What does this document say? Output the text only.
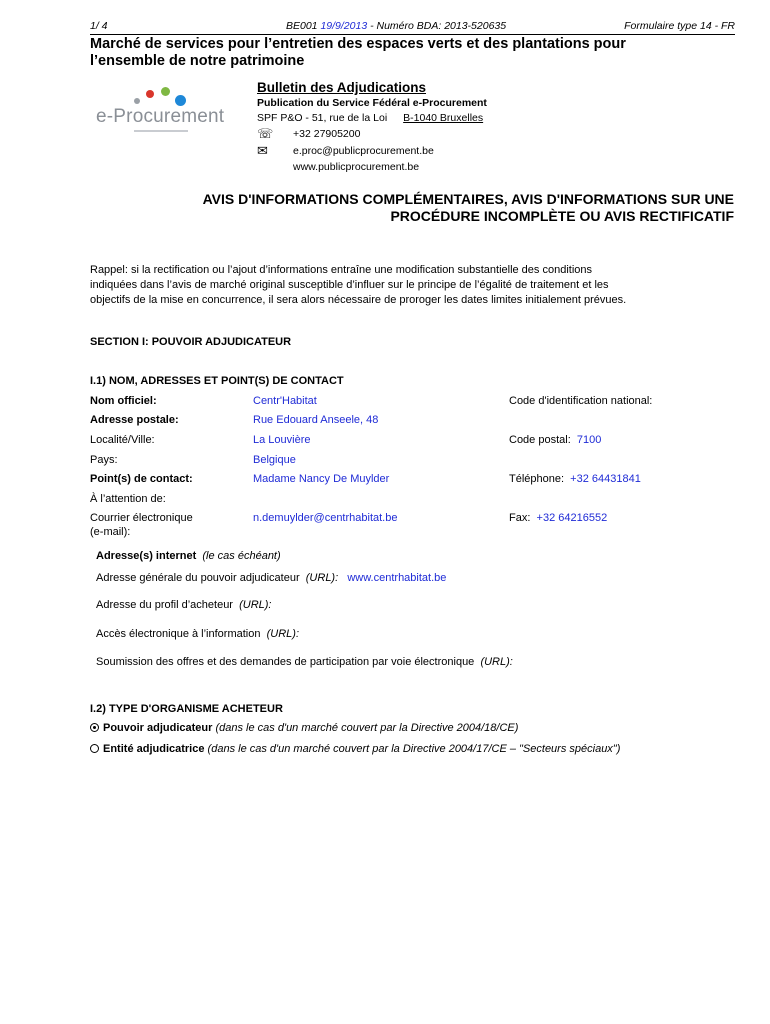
1/ 4	BE001 19/9/2013 - Numéro BDA: 2013-520635	Formulaire type 14 - FR
Marché de services pour l’entretien des espaces verts et des plantations pour
l’ensemble de notre patrimoine
e-Procurement
Bulletin des Adjudications
Publication du Service Fédéral e-Procurement
SPF P&O - 51, rue de la Loi B-1040 Bruxelles
☏ +32 27905200
✉ e.proc@publicprocurement.be
www.publicprocurement.be
AVIS D'INFORMATIONS COMPLÉMENTAIRES, AVIS D'INFORMATIONS SUR UNE
PROCÉDURE INCOMPLÈTE OU AVIS RECTIFICATIF
Rappel: si la rectification ou l’ajout d’informations entraîne une modification substantielle des conditions
indiquées dans l’avis de marché original susceptible d’influer sur le principe de l’égalité de traitement et les
objectifs de la mise en concurrence, il sera alors nécessaire de proroger les dates limites initialement prévues.
SECTION I: POUVOIR ADJUDICATEUR
I.1) NOM, ADRESSES ET POINT(S) DE CONTACT
Nom officiel:	Centr'Habitat	Code d'identification national:
Adresse postale:	Rue Edouard Anseele, 48
Localité/Ville:	La Louvière	Code postal: 7100
Pays:	Belgique
Point(s) de contact:	Madame Nancy De Muylder	Téléphone: +32 64431841
À l’attention de:
Courrier électronique
(e-mail):
n.demuylder@centrhabitat.be	Fax: +32 64216552
Adresse(s) internet (le cas échéant)
Adresse générale du pouvoir adjudicateur (URL): www.centrhabitat.be
Adresse du profil d’acheteur (URL):
Accès électronique à l’information (URL):
Soumission des offres et des demandes de participation par voie électronique (URL):
I.2) TYPE D'ORGANISME ACHETEUR
Pouvoir adjudicateur (dans le cas d'un marché couvert par la Directive 2004/18/CE)
Entité adjudicatrice (dans le cas d'un marché couvert par la Directive 2004/17/CE – "Secteurs spéciaux")
